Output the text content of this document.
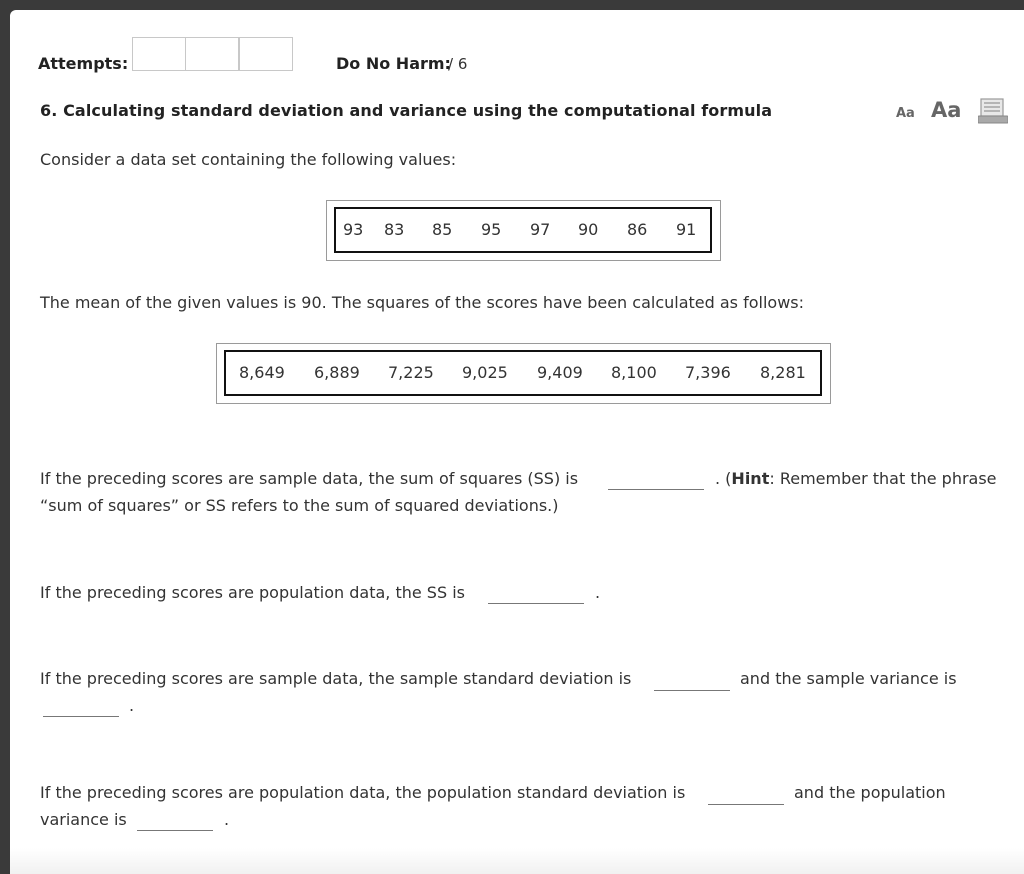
Attempts:	Do No Harm:
/ 6
6. Calculating standard deviation and variance using the computational formula	Aa Aa
Consider a data set containing the following values:
93 83 85 95 97 90 86 91
The mean of the given values is 90. The squares of the scores have been calculated as follows:
8,649 6,889 7,225 9,025 9,409 8,100 7,396 8,281
If the preceding scores are sample data, the sum of squares (SS) is	. (Hint: Remember that the phrase
“sum of squares” or SS refers to the sum of squared deviations.)
If the preceding scores are population data, the SS is	.
If the preceding scores are sample data, the sample standard deviation is	and the sample variance is
.
If the preceding scores are population data, the population standard deviation is	and the population
variance is	.
